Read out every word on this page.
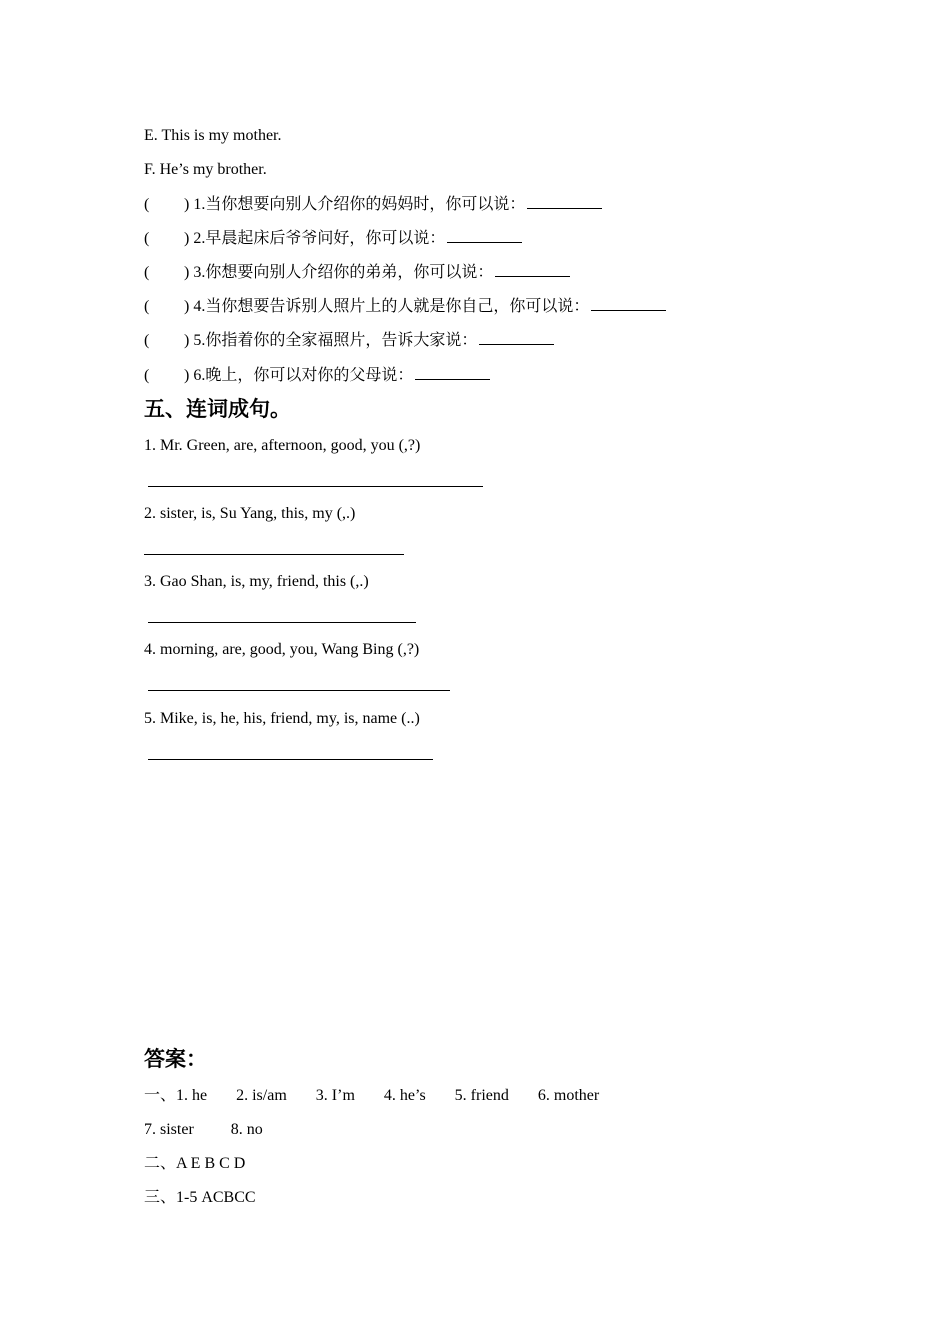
E. This is my mother.
F. He’s my brother.
( ) 1.当你想要向别人介绍你的妈妈时，你可以说：
( ) 2.早晨起床后爷爷问好，你可以说：
( ) 3.你想要向别人介绍你的弟弟，你可以说：
( ) 4.当你想要告诉别人照片上的人就是你自己，你可以说：
( ) 5.你指着你的全家福照片，告诉大家说：
( ) 6.晚上，你可以对你的父母说：
五、连词成句。
1. Mr. Green, are, afternoon, good, you (,?)
2. sister, is, Su Yang, this, my (,.)
3. Gao Shan, is, my, friend, this (,.)
4. morning, are, good, you, Wang Bing (,?)
5. Mike, is, he, his, friend, my, is, name (..)
答案：
一、1. he 2. is/am 3. I’m 4. he’s 5. friend 6. mother
7. sister 8. no
二、A E B C D
三、1-5 ACBCC
